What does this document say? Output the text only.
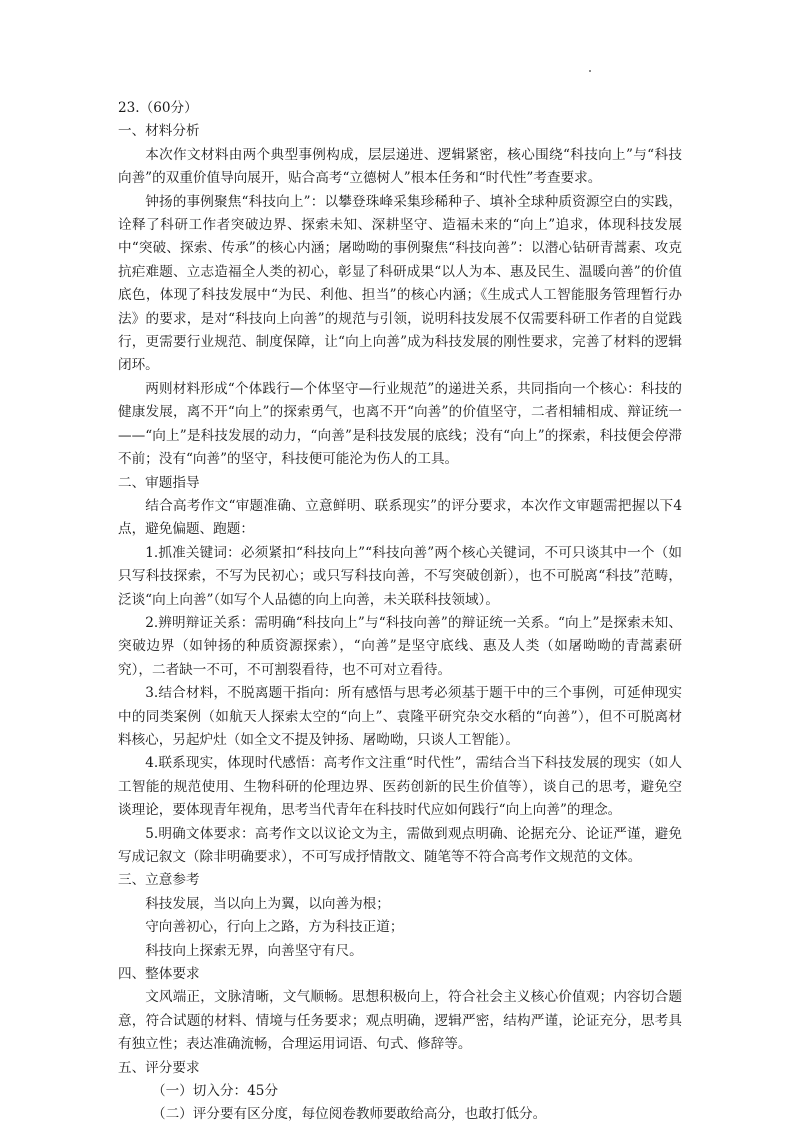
23.（60分）
一、材料分析

本次作文材料由两个典型事例构成，层层递进、逻辑紧密，核心围绕“科技向上”与“科技向善”的双重价值导向展开，贴合高考“立德树人”根本任务和“时代性”考查要求。

钟扬的事例聚焦“科技向上”：以攀登珠峰采集珍稀种子、填补全球种质资源空白的实践，诠释了科研工作者突破边界、探索未知、深耕坚守、造福未来的“向上”追求，体现科技发展中“突破、探索、传承”的核心内涵；屠呦呦的事例聚焦“科技向善”：以潜心钻研青蒿素、攻克抗疟难题、立志造福全人类的初心，彰显了科研成果“以人为本、惠及民生、温暖向善”的价值底色，体现了科技发展中“为民、利他、担当”的核心内涵；《生成式人工智能服务管理暂行办法》的要求，是对“科技向上向善”的规范与引领，说明科技发展不仅需要科研工作者的自觉践行，更需要行业规范、制度保障，让“向上向善”成为科技发展的刚性要求，完善了材料的逻辑闭环。

两则材料形成“个体践行—个体坚守—行业规范”的递进关系，共同指向一个核心：科技的健康发展，离不开“向上”的探索勇气，也离不开“向善”的价值坚守，二者相辅相成、辩证统一——“向上”是科技发展的动力，“向善”是科技发展的底线；没有“向上”的探索，科技便会停滞不前；没有“向善”的坚守，科技便可能沦为伤人的工具。

二、审题指导

结合高考作文“审题准确、立意鲜明、联系现实”的评分要求，本次作文审题需把握以下4点，避免偏题、跑题：

1.抓准关键词：必须紧扣“科技向上”“科技向善”两个核心关键词，不可只谈其中一个（如只写科技探索，不写为民初心；或只写科技向善，不写突破创新），也不可脱离“科技”范畴，泛谈“向上向善”（如写个人品德的向上向善，未关联科技领域）。

2.辨明辩证关系：需明确“科技向上”与“科技向善”的辩证统一关系。“向上”是探索未知、突破边界（如钟扬的种质资源探索），“向善”是坚守底线、惠及人类（如屠呦呦的青蒿素研究），二者缺一不可，不可割裂看待，也不可对立看待。

3.结合材料，不脱离题干指向：所有感悟与思考必须基于题干中的三个事例，可延伸现实中的同类案例（如航天人探索太空的“向上”、袁隆平研究杂交水稻的“向善”），但不可脱离材料核心，另起炉灶（如全文不提及钟扬、屠呦呦，只谈人工智能）。

4.联系现实，体现时代感悟：高考作文注重“时代性”，需结合当下科技发展的现实（如人工智能的规范使用、生物科研的伦理边界、医药创新的民生价值等），谈自己的思考，避免空谈理论，要体现青年视角，思考当代青年在科技时代应如何践行“向上向善”的理念。

5.明确文体要求：高考作文以议论文为主，需做到观点明确、论据充分、论证严谨，避免写成记叙文（除非明确要求），不可写成抒情散文、随笔等不符合高考作文规范的文体。

三、立意参考
科技发展，当以向上为翼，以向善为根；
守向善初心，行向上之路，方为科技正道；
科技向上探索无界，向善坚守有尺。
四、整体要求

文风端正，文脉清晰，文气顺畅。思想积极向上，符合社会主义核心价值观；内容切合题意，符合试题的材料、情境与任务要求；观点明确，逻辑严密，结构严谨，论证充分，思考具有独立性；表达准确流畅，合理运用词语、句式、修辞等。

五、评分要求
（一）切入分：45分
（二）评分要有区分度，每位阅卷教师要敢给高分，也敢打低分。
